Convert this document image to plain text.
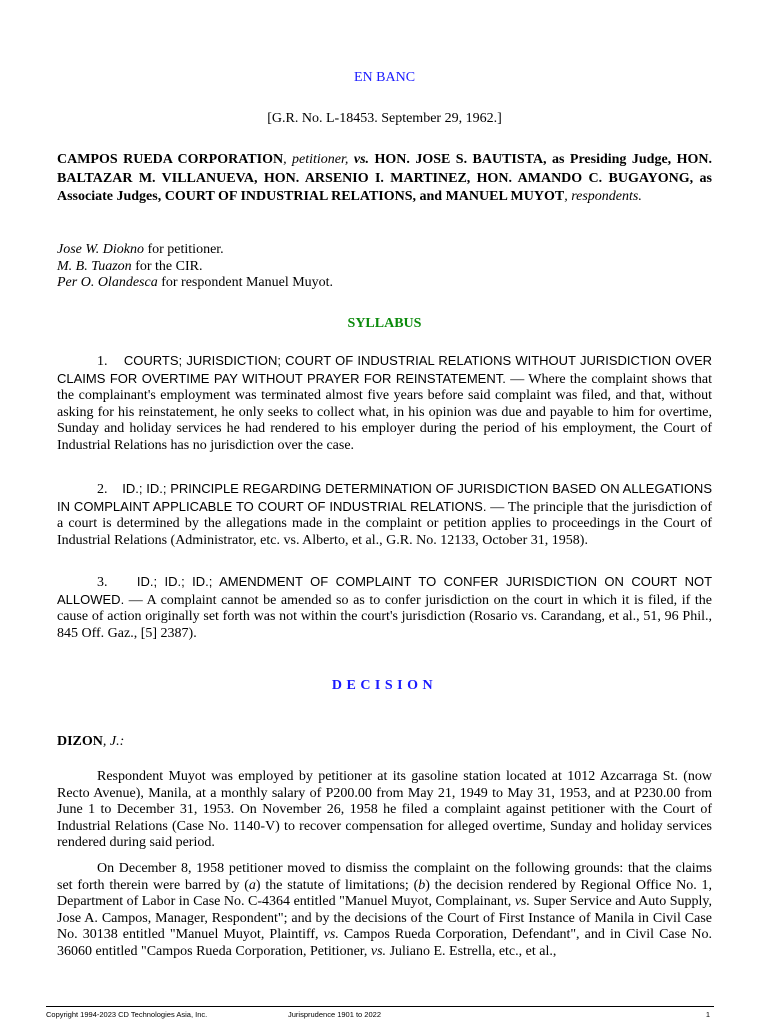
EN BANC
[G.R. No. L-18453. September 29, 1962.]
CAMPOS RUEDA CORPORATION, petitioner, vs. HON. JOSE S. BAUTISTA, as Presiding Judge, HON. BALTAZAR M. VILLANUEVA, HON. ARSENIO I. MARTINEZ, HON. AMANDO C. BUGAYONG, as Associate Judges, COURT OF INDUSTRIAL RELATIONS, and MANUEL MUYOT, respondents.
Jose W. Diokno for petitioner.
M. B. Tuazon for the CIR.
Per O. Olandesca for respondent Manuel Muyot.
SYLLABUS

1. COURTS; JURISDICTION; COURT OF INDUSTRIAL RELATIONS WITHOUT JURISDICTION OVER CLAIMS FOR OVERTIME PAY WITHOUT PRAYER FOR REINSTATEMENT. — Where the complaint shows that the complainant's employment was terminated almost five years before said complaint was filed, and that, without asking for his reinstatement, he only seeks to collect what, in his opinion was due and payable to him for overtime, Sunday and holiday services he had rendered to his employer during the period of his employment, the Court of Industrial Relations has no jurisdiction over the case.

2. ID.; ID.; PRINCIPLE REGARDING DETERMINATION OF JURISDICTION BASED ON ALLEGATIONS IN COMPLAINT APPLICABLE TO COURT OF INDUSTRIAL RELATIONS. — The principle that the jurisdiction of a court is determined by the allegations made in the complaint or petition applies to proceedings in the Court of Industrial Relations (Administrator, etc. vs. Alberto, et al., G.R. No. 12133, October 31, 1958).

3. ID.; ID.; ID.; AMENDMENT OF COMPLAINT TO CONFER JURISDICTION ON COURT NOT ALLOWED. — A complaint cannot be amended so as to confer jurisdiction on the court in which it is filed, if the cause of action originally set forth was not within the court's jurisdiction (Rosario vs. Carandang, et al., 51, 96 Phil., 845 Off. Gaz., [5] 2387).

DECISION
DIZON, J.:

Respondent Muyot was employed by petitioner at its gasoline station located at 1012 Azcarraga St. (now Recto Avenue), Manila, at a monthly salary of P200.00 from May 21, 1949 to May 31, 1953, and at P230.00 from June 1 to December 31, 1953. On November 26, 1958 he filed a complaint against petitioner with the Court of Industrial Relations (Case No. 1140-V) to recover compensation for alleged overtime, Sunday and holiday services rendered during said period.

On December 8, 1958 petitioner moved to dismiss the complaint on the following grounds: that the claims set forth therein were barred by (a) the statute of limitations; (b) the decision rendered by Regional Office No. 1, Department of Labor in Case No. C-4364 entitled "Manuel Muyot, Complainant, vs. Super Service and Auto Supply, Jose A. Campos, Manager, Respondent"; and by the decisions of the Court of First Instance of Manila in Civil Case No. 30138 entitled "Manuel Muyot, Plaintiff, vs. Campos Rueda Corporation, Defendant", and in Civil Case No. 36060 entitled "Campos Rueda Corporation, Petitioner, vs. Juliano E. Estrella, etc., et al.,

Copyright 1994-2023 CD Technologies Asia, Inc.	Jurisprudence 1901 to 2022	1
